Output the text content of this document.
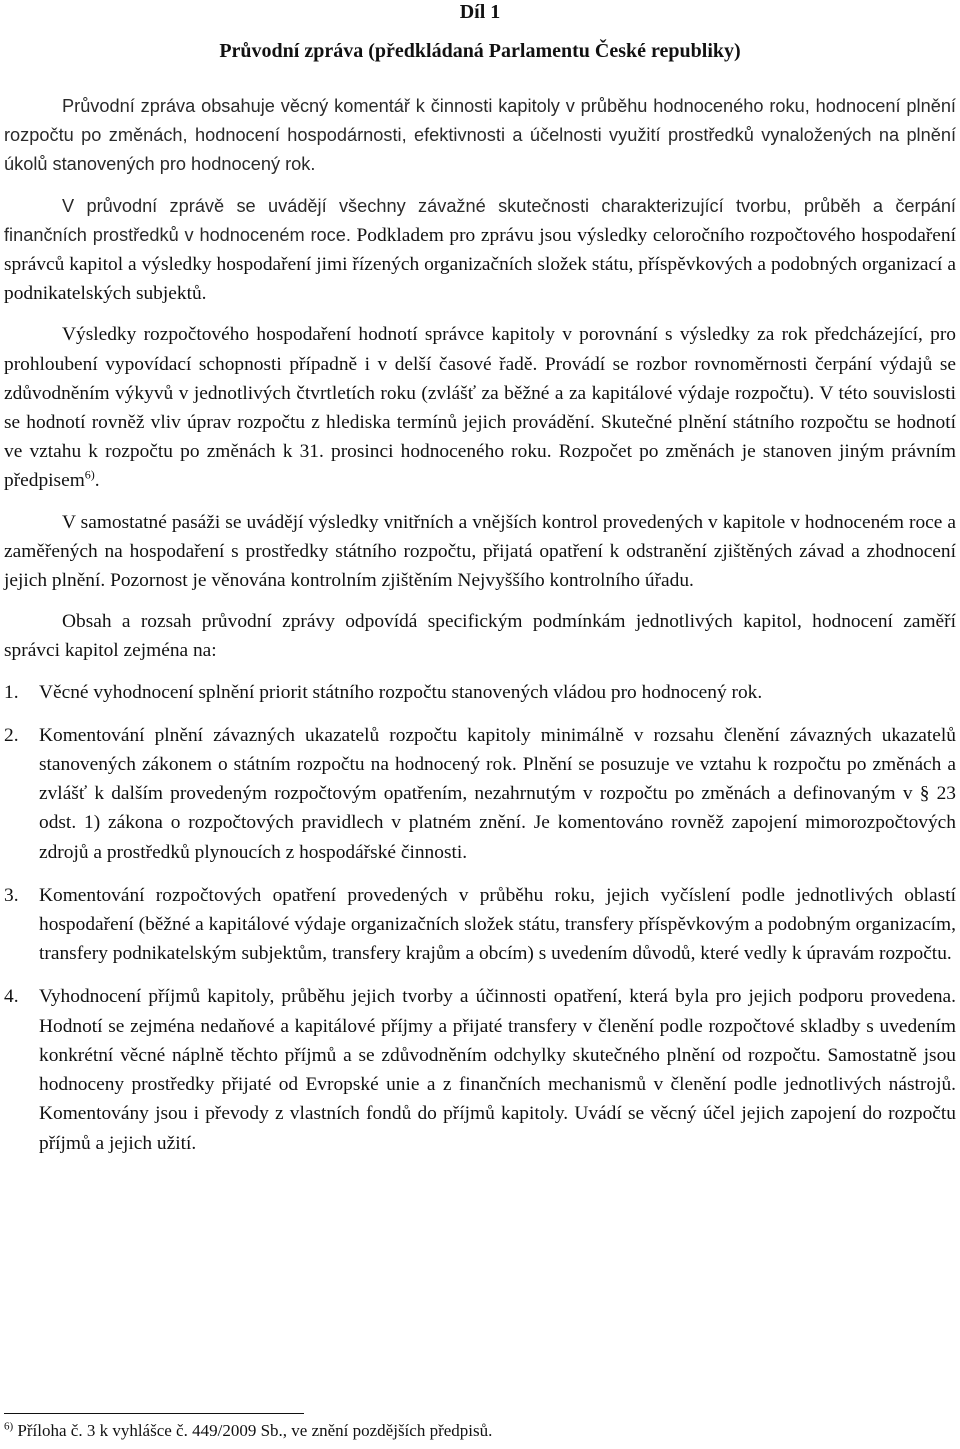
Díl 1
Průvodní zpráva (předkládaná Parlamentu České republiky)

Průvodní zpráva obsahuje věcný komentář k činnosti kapitoly v průběhu hodnoceného roku, hodnocení plnění rozpočtu po změnách, hodnocení hospodárnosti, efektivnosti a účelnosti využití prostředků vynaložených na plnění úkolů stanovených pro hodnocený rok.

V průvodní zprávě se uvádějí všechny závažné skutečnosti charakterizující tvorbu, průběh a čerpání finančních prostředků v hodnoceném roce. Podkladem pro zprávu jsou výsledky celoročního rozpočtového hospodaření správců kapitol a výsledky hospodaření jimi řízených organizačních složek státu, příspěvkových a podobných organizací a podnikatelských subjektů.

Výsledky rozpočtového hospodaření hodnotí správce kapitoly v porovnání s výsledky za rok předcházející, pro prohloubení vypovídací schopnosti případně i v delší časové řadě. Provádí se rozbor rovnoměrnosti čerpání výdajů se zdůvodněním výkyvů v jednotlivých čtvrtletích roku (zvlášť za běžné a za kapitálové výdaje rozpočtu). V této souvislosti se hodnotí rovněž vliv úprav rozpočtu z hlediska termínů jejich provádění. Skutečné plnění státního rozpočtu se hodnotí ve vztahu k rozpočtu po změnách k 31. prosinci hodnoceného roku. Rozpočet po změnách je stanoven jiným právním předpisem$^{6)}$.

V samostatné pasáži se uvádějí výsledky vnitřních a vnějších kontrol provedených v kapitole v hodnoceném roce a zaměřených na hospodaření s prostředky státního rozpočtu, přijatá opatření k odstranění zjištěných závad a zhodnocení jejich plnění. Pozornost je věnována kontrolním zjištěním Nejvyššího kontrolního úřadu.

Obsah a rozsah průvodní zprávy odpovídá specifickým podmínkám jednotlivých kapitol, hodnocení zaměří správci kapitol zejména na:

1. Věcné vyhodnocení splnění priorit státního rozpočtu stanovených vládou pro hodnocený rok.
2. Komentování plnění závazných ukazatelů rozpočtu kapitoly minimálně v rozsahu členění závazných ukazatelů stanovených zákonem o státním rozpočtu na hodnocený rok. Plnění se posuzuje ve vztahu k rozpočtu po změnách a zvlášť k dalším provedeným rozpočtovým opatřením, nezahrnutým v rozpočtu po změnách a definovaným v § 23 odst. 1) zákona o rozpočtových pravidlech v platném znění. Je komentováno rovněž zapojení mimorozpočtových zdrojů a prostředků plynoucích z hospodářské činnosti.
3. Komentování rozpočtových opatření provedených v průběhu roku, jejich vyčíslení podle jednotlivých oblastí hospodaření (běžné a kapitálové výdaje organizačních složek státu, transfery příspěvkovým a podobným organizacím, transfery podnikatelským subjektům, transfery krajům a obcím) s uvedením důvodů, které vedly k úpravám rozpočtu.
4. Vyhodnocení příjmů kapitoly, průběhu jejich tvorby a účinnosti opatření, která byla pro jejich podporu provedena. Hodnotí se zejména nedaňové a kapitálové příjmy a přijaté transfery v členění podle rozpočtové skladby s uvedením konkrétní věcné náplně těchto příjmů a se zdůvodněním odchylky skutečného plnění od rozpočtu. Samostatně jsou hodnoceny prostředky přijaté od Evropské unie a z finančních mechanismů v členění podle jednotlivých nástrojů. Komentovány jsou i převody z vlastních fondů do příjmů kapitoly. Uvádí se věcný účel jejich zapojení do rozpočtu příjmů a jejich užití.
$^{6)}$ Příloha č. 3 k vyhlášce č. 449/2009 Sb., ve znění pozdějších předpisů.
